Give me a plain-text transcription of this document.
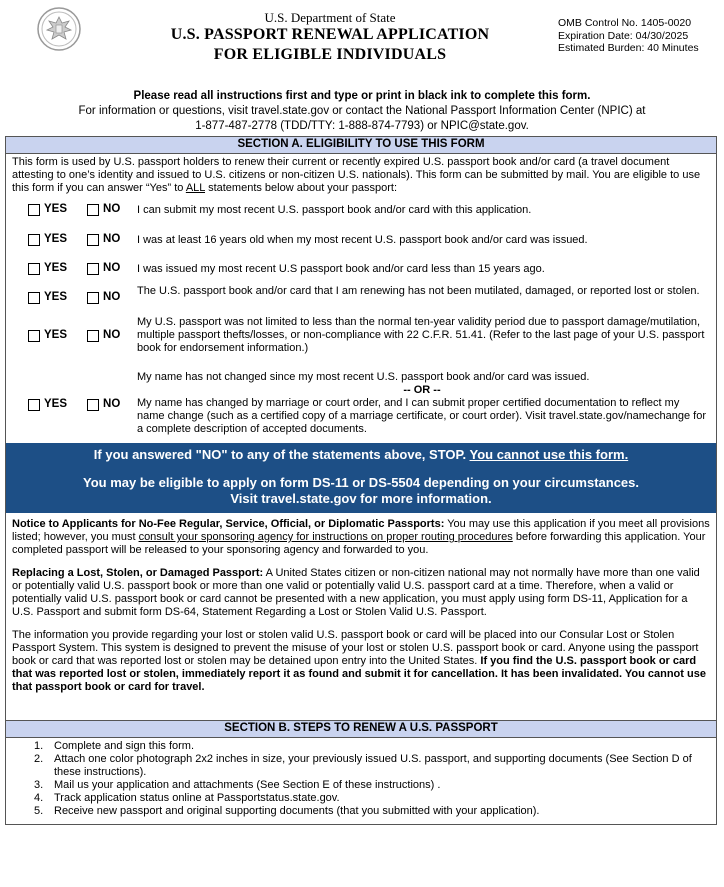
U.S. Department of State
U.S. PASSPORT RENEWAL APPLICATION
FOR ELIGIBLE INDIVIDUALS
OMB Control No. 1405-0020
Expiration Date: 04/30/2025
Estimated Burden: 40 Minutes
Please read all instructions first and type or print in black ink to complete this form.
For information or questions, visit travel.state.gov or contact the National Passport Information Center (NPIC) at
1-877-487-2778 (TDD/TTY: 1-888-874-7793) or NPIC@state.gov.
SECTION A. ELIGIBILITY TO USE THIS FORM
This form is used by U.S. passport holders to renew their current or recently expired U.S. passport book and/or card (a travel document attesting to one’s identity and issued to U.S. citizens or non-citizen U.S. nationals). This form can be submitted by mail. You are eligible to use this form if you can answer “Yes” to ALL statements below about your passport:
YES	NO I can submit my most recent U.S. passport book and/or card with this application.
YES	NO I was at least 16 years old when my most recent U.S. passport book and/or card was issued.
YES	NO I was issued my most recent U.S passport book and/or card less than 15 years ago.
YES	NO The U.S. passport book and/or card that I am renewing has not been mutilated, damaged, or reported lost or stolen.
YES	NO
My U.S. passport was not limited to less than the normal ten-year validity period due to passport damage/mutilation, multiple passport thefts/losses, or non-compliance with 22 C.F.R. 51.41. (Refer to the last page of your U.S. passport book for endorsement information.)
YES	NO
My name has not changed since my most recent U.S. passport book and/or card was issued.
-- OR --
My name has changed by marriage or court order, and I can submit proper certified documentation to reflect my name change (such as a certified copy of a marriage certificate, or court order). Visit travel.state.gov/namechange for a complete description of accepted documents.
If you answered "NO" to any of the statements above, STOP. You cannot use this form.
You may be eligible to apply on form DS-11 or DS-5504 depending on your circumstances.
Visit travel.state.gov for more information.

Notice to Applicants for No-Fee Regular, Service, Official, or Diplomatic Passports: You may use this application if you meet all provisions listed; however, you must consult your sponsoring agency for instructions on proper routing procedures before forwarding this application. Your completed passport will be released to your sponsoring agency and forwarded to you.

Replacing a Lost, Stolen, or Damaged Passport: A United States citizen or non-citizen national may not normally have more than one valid or potentially valid U.S. passport book or more than one valid or potentially valid U.S. passport card at a time. Therefore, when a valid or potentially valid U.S. passport book or card cannot be presented with a new application, you must apply using form DS-11, Application for a U.S. Passport and submit form DS-64, Statement Regarding a Lost or Stolen Valid U.S. Passport.

The information you provide regarding your lost or stolen valid U.S. passport book or card will be placed into our Consular Lost or Stolen Passport System. This system is designed to prevent the misuse of your lost or stolen U.S. passport book or card. Anyone using the passport book or card that was reported lost or stolen may be detained upon entry into the United States. If you find the U.S. passport book or card that was reported lost or stolen, immediately report it as found and submit it for cancellation. It has been invalidated. You cannot use that passport book or card for travel.

SECTION B. STEPS TO RENEW A U.S. PASSPORT
1. Complete and sign this form.
2. Attach one color photograph 2x2 inches in size, your previously issued U.S. passport, and supporting documents (See Section D of these instructions).
3. Mail us your application and attachments (See Section E of these instructions) .
4. Track application status online at Passportstatus.state.gov.
5. Receive new passport and original supporting documents (that you submitted with your application).
